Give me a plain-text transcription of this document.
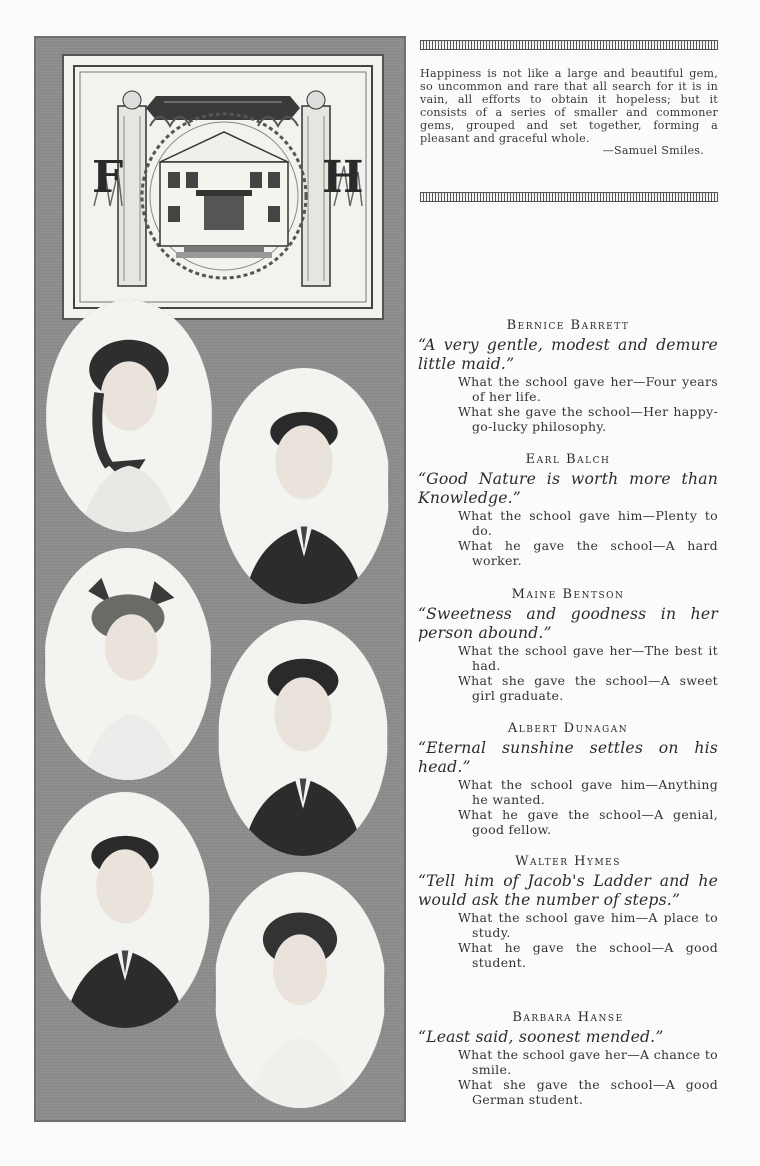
F	H
Happiness is not like a large and beautiful gem, so uncommon and rare that all search for it is in vain, all efforts to obtain it hopeless; but it consists of a series of smaller and commoner gems, grouped and set together, forming a pleasant and graceful whole.
—Samuel Smiles.
Bernice Barrett
“A very gentle, modest and demure little maid.”
What the school gave her—Four years of her life.
What she gave the school—Her happy-go-lucky philosophy.
Earl Balch
“Good Nature is worth more than Knowledge.”
What the school gave him—Plenty to do.
What he gave the school—A hard worker.
Maine Bentson
“Sweetness and goodness in her person abound.”
What the school gave her—The best it had.
What she gave the school—A sweet girl graduate.
Albert Dunagan
“Eternal sunshine settles on his head.”
What the school gave him—Anything he wanted.
What he gave the school—A genial, good fellow.
Walter Hymes
“Tell him of Jacob's Ladder and he would ask the number of steps.”
What the school gave him—A place to study.
What he gave the school—A good student.
Barbara Hanse
“Least said, soonest mended.”
What the school gave her—A chance to smile.
What she gave the school—A good German student.
